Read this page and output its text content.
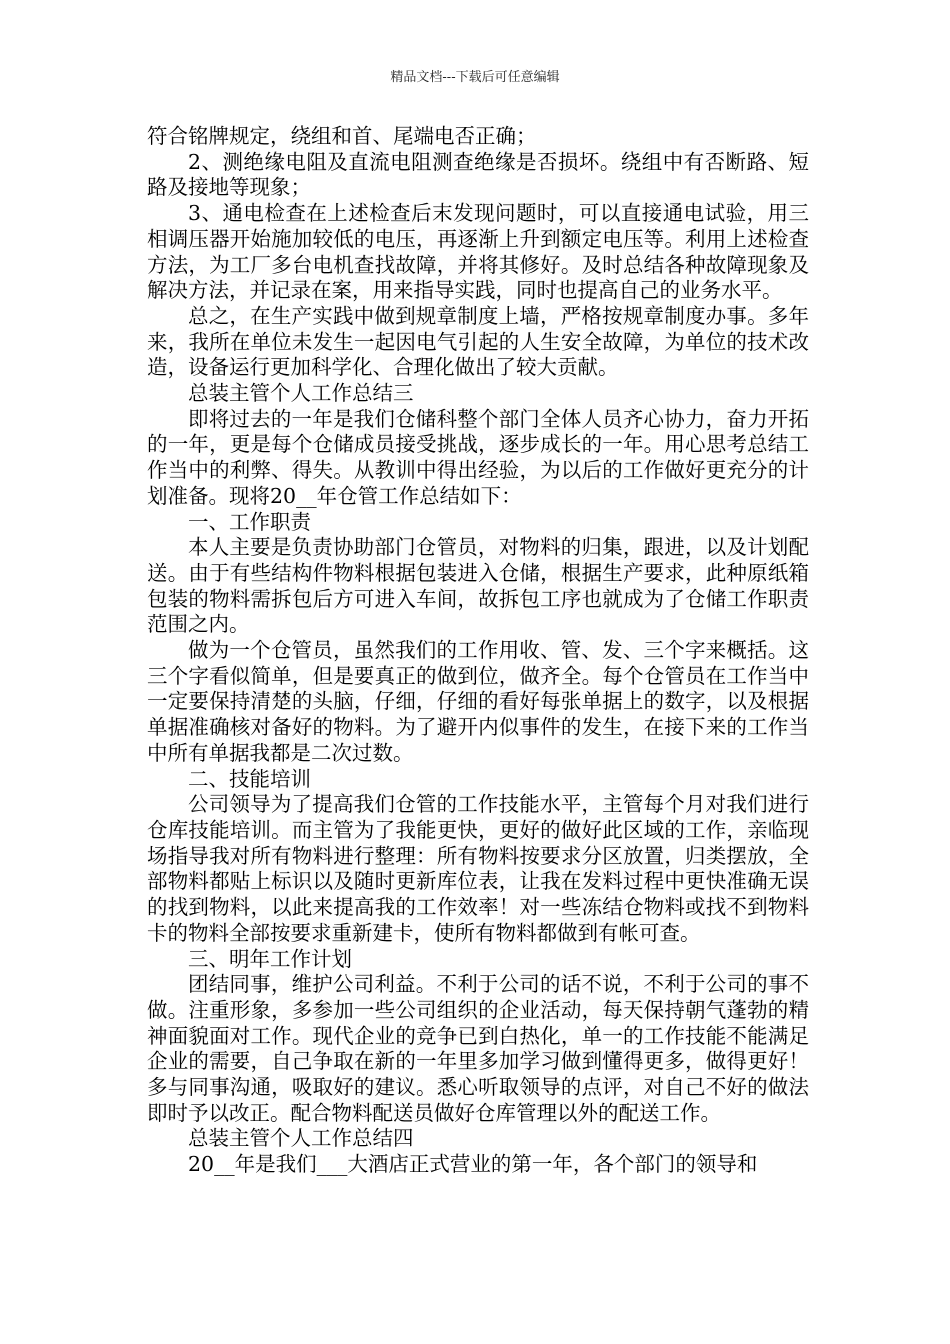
精品文档---下载后可任意编辑

符合铭牌规定，绕组和首、尾端电否正确；

2、测绝缘电阻及直流电阻测查绝缘是否损坏。绕组中有否断路、短路及接地等现象；

3、通电检查在上述检查后末发现问题时，可以直接通电试验，用三相调压器开始施加较低的电压，再逐渐上升到额定电压等。利用上述检查方法，为工厂多台电机查找故障，并将其修好。及时总结各种故障现象及解决方法，并记录在案，用来指导实践，同时也提高自己的业务水平。

总之，在生产实践中做到规章制度上墙，严格按规章制度办事。多年来，我所在单位未发生一起因电气引起的人生安全故障，为单位的技术改造，设备运行更加科学化、合理化做出了较大贡献。

总装主管个人工作总结三

即将过去的一年是我们仓储科整个部门全体人员齐心协力，奋力开拓的一年，更是每个仓储成员接受挑战，逐步成长的一年。用心思考总结工作当中的利弊、得失。从教训中得出经验，为以后的工作做好更充分的计划准备。现将20__年仓管工作总结如下：

一、工作职责

本人主要是负责协助部门仓管员，对物料的归集，跟进，以及计划配送。由于有些结构件物料根据包装进入仓储，根据生产要求，此种原纸箱包装的物料需拆包后方可进入车间，故拆包工序也就成为了仓储工作职责范围之内。

做为一个仓管员，虽然我们的工作用收、管、发、三个字来概括。这三个字看似简单，但是要真正的做到位，做齐全。每个仓管员在工作当中一定要保持清楚的头脑，仔细，仔细的看好每张单据上的数字，以及根据单据准确核对备好的物料。为了避开内似事件的发生，在接下来的工作当中所有单据我都是二次过数。

二、技能培训

公司领导为了提高我们仓管的工作技能水平，主管每个月对我们进行仓库技能培训。而主管为了我能更快，更好的做好此区域的工作，亲临现场指导我对所有物料进行整理：所有物料按要求分区放置，归类摆放，全部物料都贴上标识以及随时更新库位表，让我在发料过程中更快准确无误的找到物料，以此来提高我的工作效率！对一些冻结仓物料或找不到物料卡的物料全部按要求重新建卡，使所有物料都做到有帐可查。

三、明年工作计划

团结同事，维护公司利益。不利于公司的话不说，不利于公司的事不做。注重形象，多参加一些公司组织的企业活动，每天保持朝气蓬勃的精神面貌面对工作。现代企业的竞争已到白热化，单一的工作技能不能满足企业的需要，自己争取在新的一年里多加学习做到懂得更多，做得更好！多与同事沟通，吸取好的建议。悉心听取领导的点评，对自己不好的做法即时予以改正。配合物料配送员做好仓库管理以外的配送工作。

总装主管个人工作总结四

20__年是我们___大酒店正式营业的第一年，各个部门的领导和
